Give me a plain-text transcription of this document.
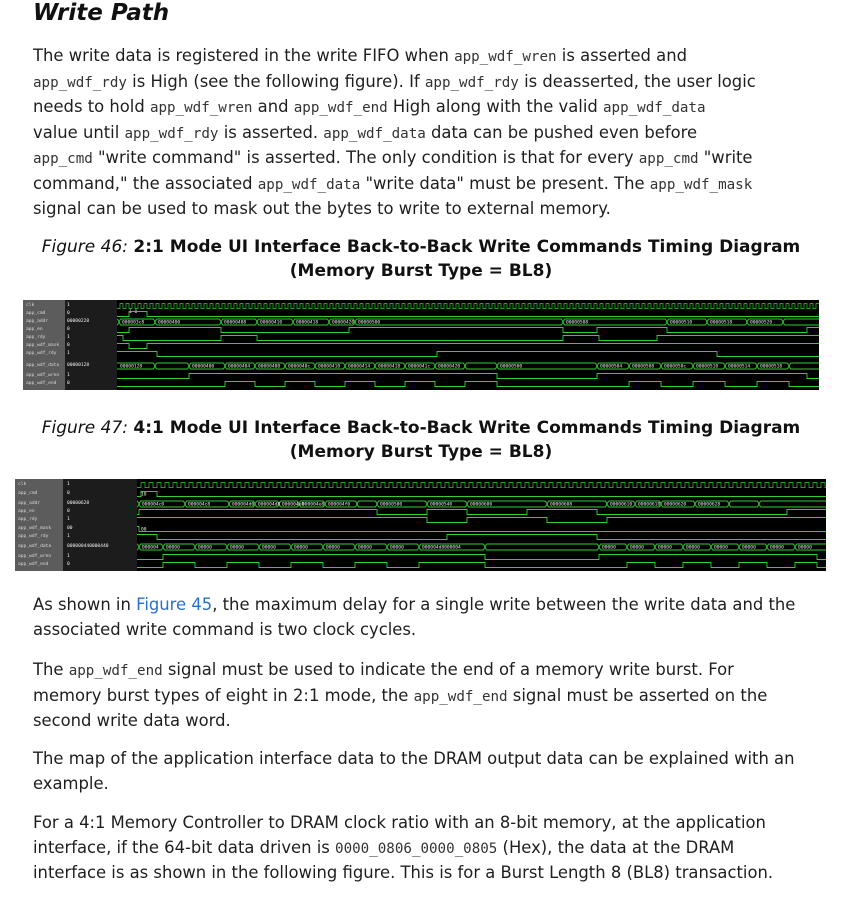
Write Path
The write data is registered in the write FIFO when app_wdf_wren is asserted and
app_wdf_rdy is High (see the following figure). If app_wdf_rdy is deasserted, the user logic
needs to hold app_wdf_wren and app_wdf_end High along with the valid app_wdf_data
value until app_wdf_rdy is asserted. app_wdf_data data can be pushed even before
app_cmd "write command" is asserted. The only condition is that for every app_cmd "write
command," the associated app_wdf_data "write data" must be present. The app_wdf_mask
signal can be used to mask out the bytes to write to external memory.
Figure 46: 2:1 Mode UI Interface Back-to-Back Write Commands Timing Diagram
(Memory Burst Type = BL8)
clk
app_cmd
app_addr
app_en
app_rdy
app_wdf_mask
app_wdf_rdy
app_wdf_data
app_wdf_wren
app_wdf_end
1
0
00000228
0
1
0
1
00000128
1
0
1 0
000003c8	00000400	00000408	00000410	00000418	00000420 00000500	00000508	00000510	00000518	00000520
00000128	00000400	00000404 00000408 0000040c 00000410 00000414 00000418 0000041c 00000420	00000500	00000504 00000508 0000050c 00000510 00000514 00000518
Figure 47: 4:1 Mode UI Interface Back-to-Back Write Commands Timing Diagram
(Memory Burst Type = BL8)
clk
app_cmd
app_addr
app_en
app_rdy
app_wdf_mask
app_wdf_rdy
app_wdf_data
app_wdf_wren
app_wdf_end
1
0
00000628
0
1
00
1
000000440000440
1
0
10
000004c0	000004c8	000004d0 000004d8 000004e0
000004e8 000004f0	00000500	00000540	00000600	00000608	00000610 00000618 00000620	00000628
00
000004 00000	00000	00000	00000	00000	00000	00000	00000	000004d8000004	00000	00000	00000	00000	00000	00000	00000	00000
As shown in Figure 45, the maximum delay for a single write between the write data and the
associated write command is two clock cycles.
The app_wdf_end signal must be used to indicate the end of a memory write burst. For
memory burst types of eight in 2:1 mode, the app_wdf_end signal must be asserted on the
second write data word.
The map of the application interface data to the DRAM output data can be explained with an
example.
For a 4:1 Memory Controller to DRAM clock ratio with an 8-bit memory, at the application
interface, if the 64-bit data driven is 0000_0806_0000_0805 (Hex), the data at the DRAM
interface is as shown in the following figure. This is for a Burst Length 8 (BL8) transaction.
